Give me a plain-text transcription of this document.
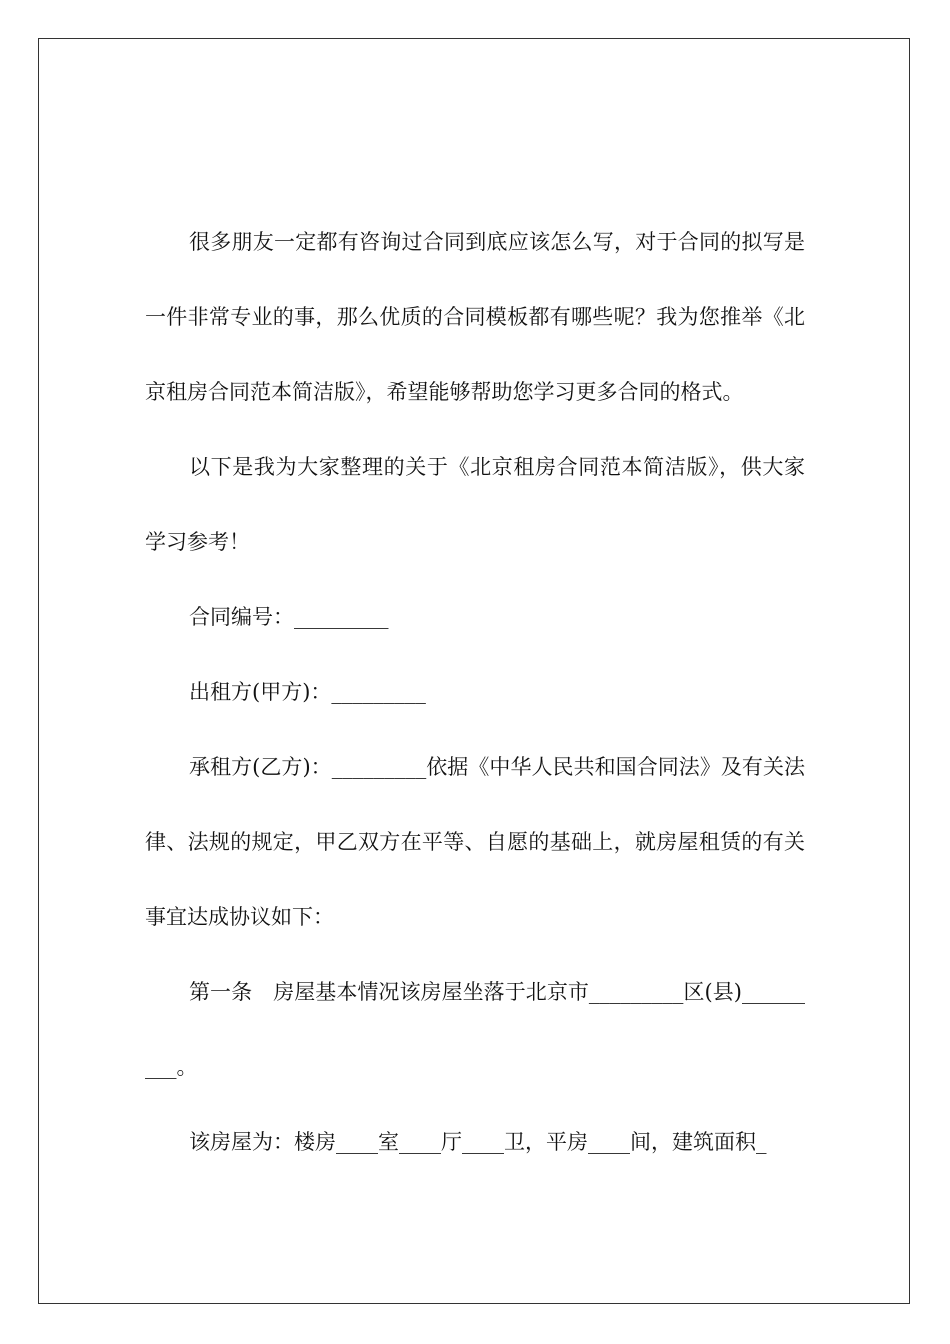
很多朋友一定都有咨询过合同到底应该怎么写，对于合同的拟写是一件非常专业的事，那么优质的合同模板都有哪些呢？我为您推举《北京租房合同范本简洁版》，希望能够帮助您学习更多合同的格式。

以下是我为大家整理的关于《北京租房合同范本简洁版》，供大家学习参考！

合同编号：_________

出租方(甲方)：_________

承租方(乙方)：_________依据《中华人民共和国合同法》及有关法律、法规的规定，甲乙双方在平等、自愿的基础上，就房屋租赁的有关事宜达成协议如下：

第一条　房屋基本情况该房屋坐落于北京市_________区(县)_________。

该房屋为：楼房____室____厅____卫，平房____间，建筑面积_
